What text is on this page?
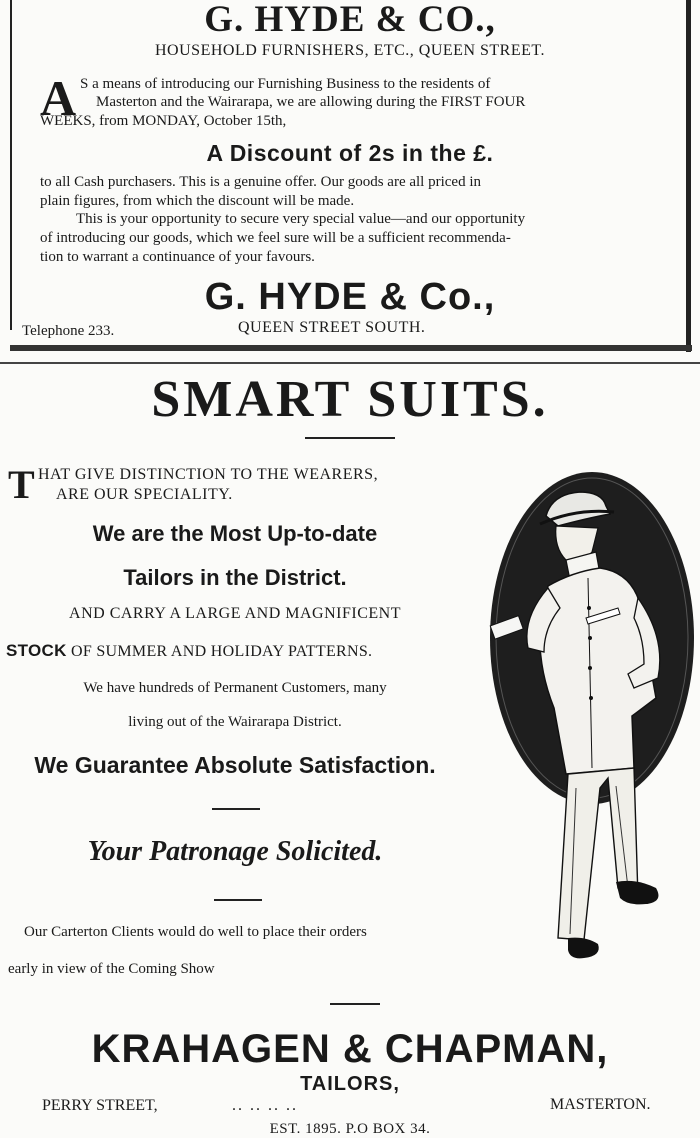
G. HYDE & CO.,
HOUSEHOLD FURNISHERS, ETC., QUEEN STREET.
A S a means of introducing our Furnishing Business to the residents of
Masterton and the Wairarapa, we are allowing during the FIRST FOUR
WEEKS, from MONDAY, October 15th,
A Discount of 2s in the £.
to all Cash purchasers. This is a genuine offer. Our goods are all priced in
plain figures, from which the discount will be made.
This is your opportunity to secure very special value—and our opportunity
of introducing our goods, which we feel sure will be a sufficient recommenda-
tion to warrant a continuance of your favours.
G. HYDE & Co.,
Telephone 233.	QUEEN STREET SOUTH.
SMART SUITS.
T HAT GIVE DISTINCTION TO THE WEARERS,
ARE OUR SPECIALITY.
We are the Most Up-to-date
Tailors in the District.
AND CARRY A LARGE AND MAGNIFICENT
STOCK OF SUMMER AND HOLIDAY PATTERNS.
We have hundreds of Permanent Customers, many
living out of the Wairarapa District.
We Guarantee Absolute Satisfaction.
Your Patronage Solicited.
Our Carterton Clients would do well to place their orders
early in view of the Coming Show
KRAHAGEN & CHAPMAN,
TAILORS,
PERRY STREET,	.. .. .. ..	MASTERTON.
EST. 1895. P.O BOX 34.
